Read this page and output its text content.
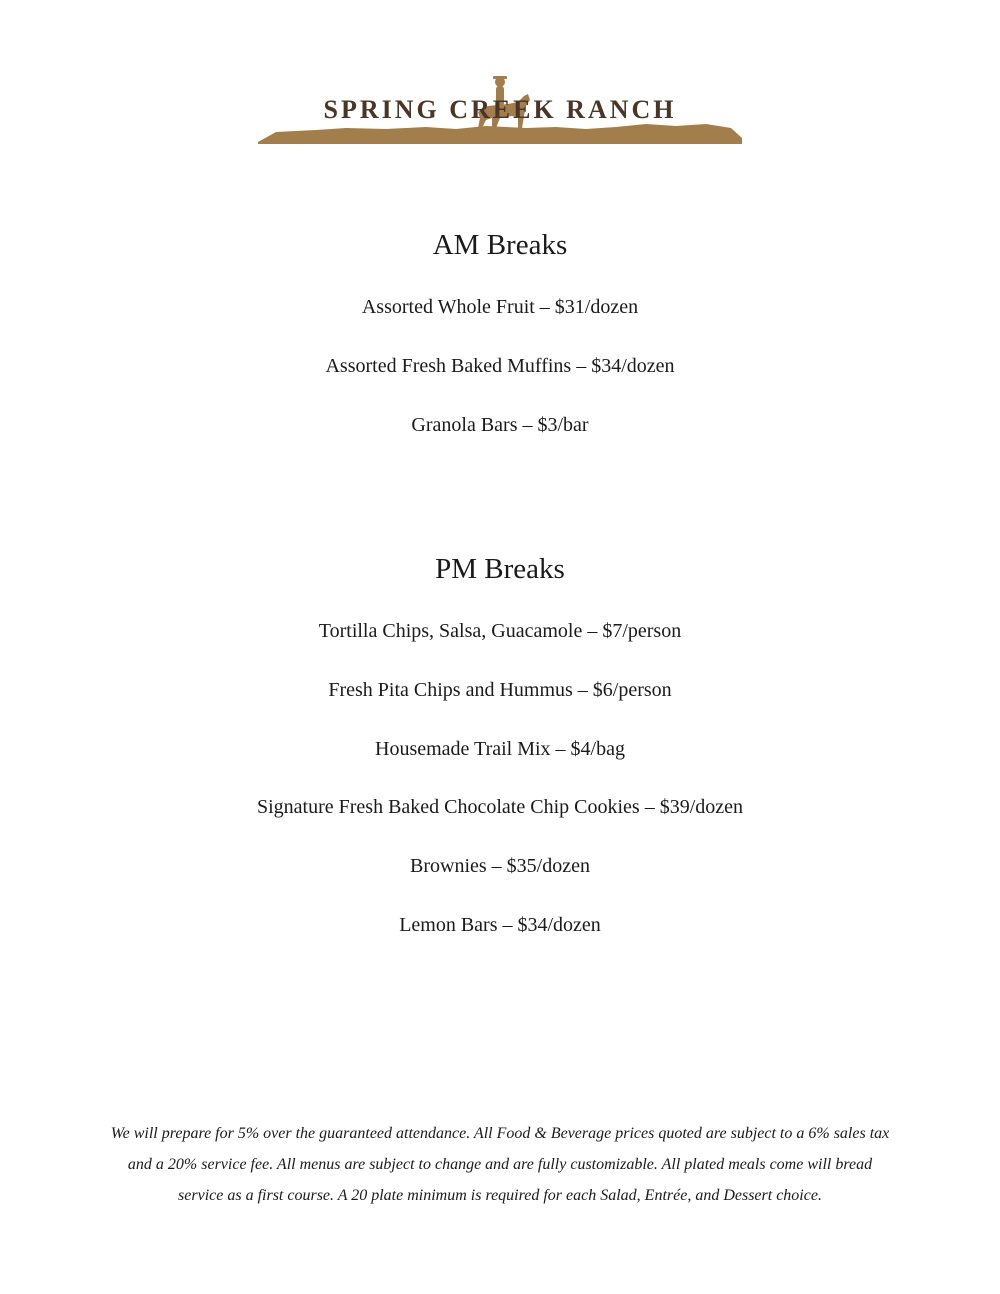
SPRING CREEK RANCH
AM Breaks

Assorted Whole Fruit – $31/dozen

Assorted Fresh Baked Muffins – $34/dozen

Granola Bars – $3/bar

PM Breaks

Tortilla Chips, Salsa, Guacamole – $7/person

Fresh Pita Chips and Hummus – $6/person

Housemade Trail Mix – $4/bag

Signature Fresh Baked Chocolate Chip Cookies – $39/dozen

Brownies – $35/dozen

Lemon Bars – $34/dozen

We will prepare for 5% over the guaranteed attendance. All Food & Beverage prices quoted are subject to a 6% sales tax and a 20% service fee. All menus are subject to change and are fully customizable. All plated meals come will bread service as a first course. A 20 plate minimum is required for each Salad, Entrée, and Dessert choice.
